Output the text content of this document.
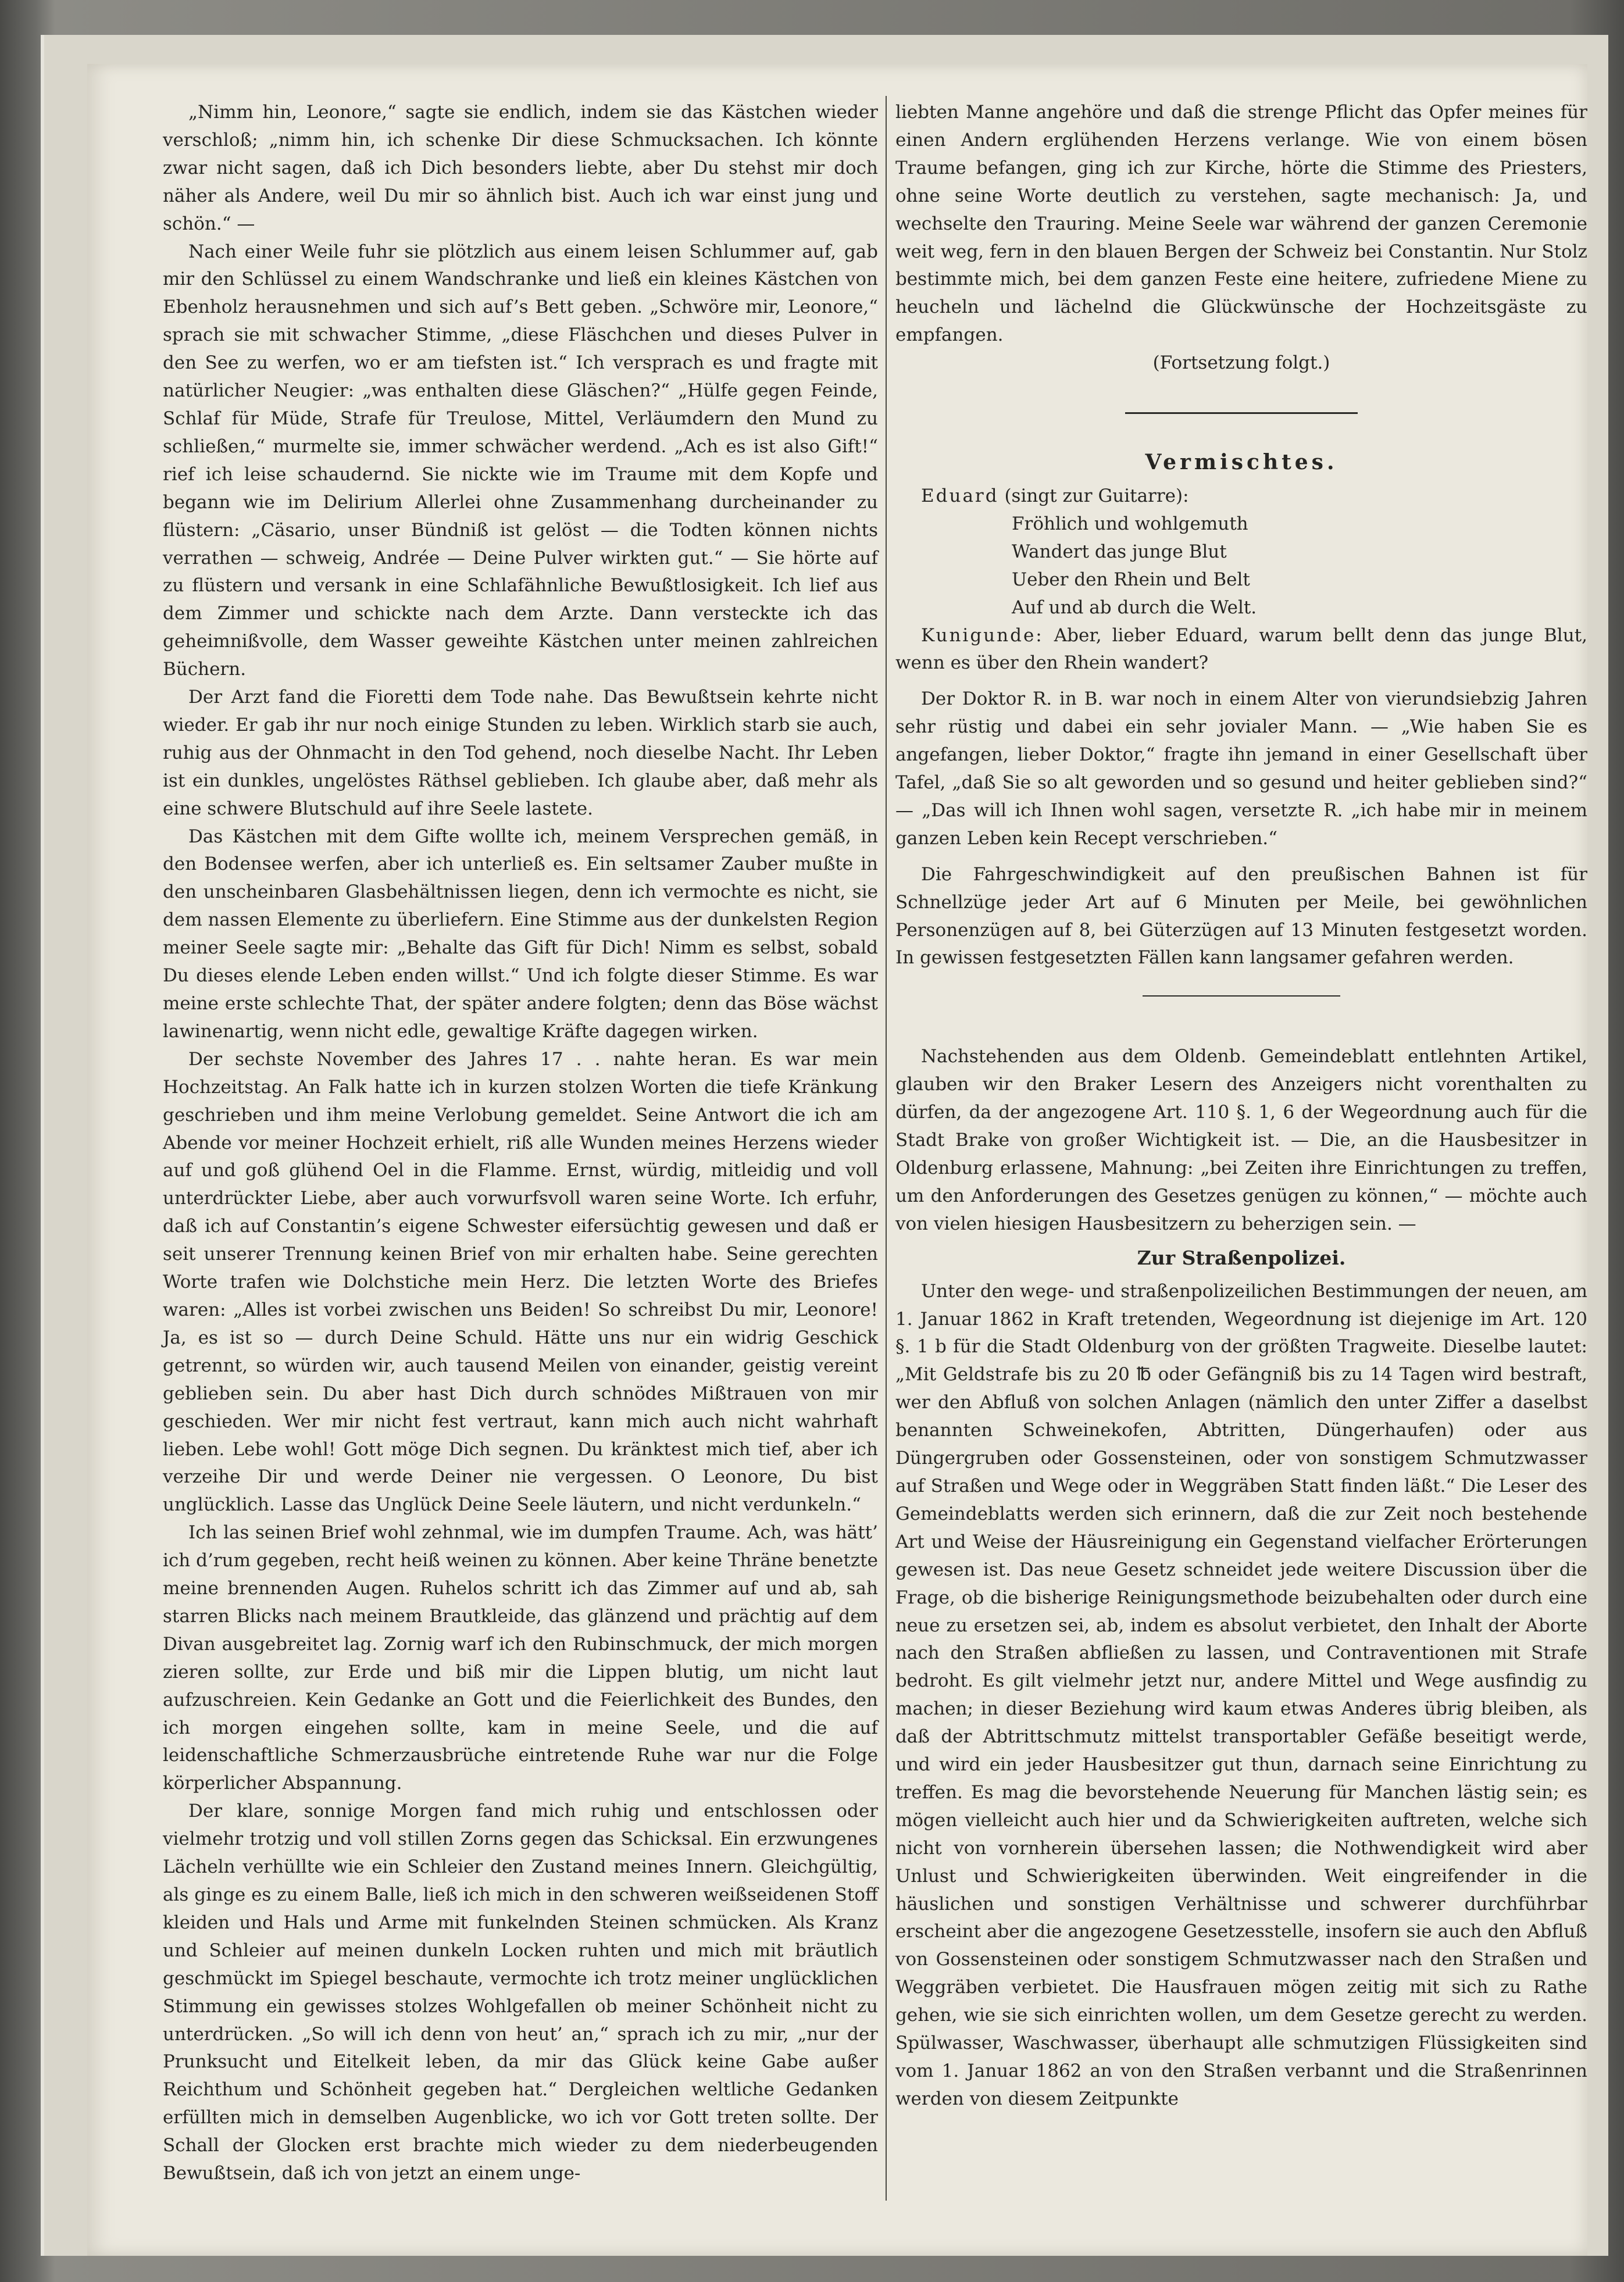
„Nimm hin, Leonore,“ sagte sie endlich, indem sie das Kästchen wieder verschloß; „nimm hin, ich schenke Dir diese Schmucksachen. Ich könnte zwar nicht sagen, daß ich Dich besonders liebte, aber Du stehst mir doch näher als Andere, weil Du mir so ähnlich bist. Auch ich war einst jung und schön.“ —

Nach einer Weile fuhr sie plötzlich aus einem leisen Schlummer auf, gab mir den Schlüssel zu einem Wandschranke und ließ ein kleines Kästchen von Ebenholz herausnehmen und sich auf’s Bett geben. „Schwöre mir, Leonore,“ sprach sie mit schwacher Stimme, „diese Fläschchen und dieses Pulver in den See zu werfen, wo er am tiefsten ist.“ Ich versprach es und fragte mit natürlicher Neugier: „was enthalten diese Gläschen?“ „Hülfe gegen Feinde, Schlaf für Müde, Strafe für Treulose, Mittel, Verläumdern den Mund zu schließen,“ murmelte sie, immer schwächer werdend. „Ach es ist also Gift!“ rief ich leise schaudernd. Sie nickte wie im Traume mit dem Kopfe und begann wie im Delirium Allerlei ohne Zusammenhang durcheinander zu flüstern: „Cäsario, unser Bündniß ist gelöst — die Todten können nichts verrathen — schweig, Andrée — Deine Pulver wirkten gut.“ — Sie hörte auf zu flüstern und versank in eine Schlafähnliche Bewußtlosigkeit. Ich lief aus dem Zimmer und schickte nach dem Arzte. Dann versteckte ich das geheimnißvolle, dem Wasser geweihte Kästchen unter meinen zahlreichen Büchern.

Der Arzt fand die Fioretti dem Tode nahe. Das Bewußtsein kehrte nicht wieder. Er gab ihr nur noch einige Stunden zu leben. Wirklich starb sie auch, ruhig aus der Ohnmacht in den Tod gehend, noch dieselbe Nacht. Ihr Leben ist ein dunkles, ungelöstes Räthsel geblieben. Ich glaube aber, daß mehr als eine schwere Blutschuld auf ihre Seele lastete.

Das Kästchen mit dem Gifte wollte ich, meinem Versprechen gemäß, in den Bodensee werfen, aber ich unterließ es. Ein seltsamer Zauber mußte in den unscheinbaren Glasbehältnissen liegen, denn ich vermochte es nicht, sie dem nassen Elemente zu überliefern. Eine Stimme aus der dunkelsten Region meiner Seele sagte mir: „Behalte das Gift für Dich! Nimm es selbst, sobald Du dieses elende Leben enden willst.“ Und ich folgte dieser Stimme. Es war meine erste schlechte That, der später andere folgten; denn das Böse wächst lawinenartig, wenn nicht edle, gewaltige Kräfte dagegen wirken.

Der sechste November des Jahres 17 . . nahte heran. Es war mein Hochzeitstag. An Falk hatte ich in kurzen stolzen Worten die tiefe Kränkung geschrieben und ihm meine Verlobung gemeldet. Seine Antwort die ich am Abende vor meiner Hochzeit erhielt, riß alle Wunden meines Herzens wieder auf und goß glühend Oel in die Flamme. Ernst, würdig, mitleidig und voll unterdrückter Liebe, aber auch vorwurfsvoll waren seine Worte. Ich erfuhr, daß ich auf Constantin’s eigene Schwester eifersüchtig gewesen und daß er seit unserer Trennung keinen Brief von mir erhalten habe. Seine gerechten Worte trafen wie Dolchstiche mein Herz. Die letzten Worte des Briefes waren: „Alles ist vorbei zwischen uns Beiden! So schreibst Du mir, Leonore! Ja, es ist so — durch Deine Schuld. Hätte uns nur ein widrig Geschick getrennt, so würden wir, auch tausend Meilen von einander, geistig vereint geblieben sein. Du aber hast Dich durch schnödes Mißtrauen von mir geschieden. Wer mir nicht fest vertraut, kann mich auch nicht wahrhaft lieben. Lebe wohl! Gott möge Dich segnen. Du kränktest mich tief, aber ich verzeihe Dir und werde Deiner nie vergessen. O Leonore, Du bist unglücklich. Lasse das Unglück Deine Seele läutern, und nicht verdunkeln.“

Ich las seinen Brief wohl zehnmal, wie im dumpfen Traume. Ach, was hätt’ ich d’rum gegeben, recht heiß weinen zu können. Aber keine Thräne benetzte meine brennenden Augen. Ruhelos schritt ich das Zimmer auf und ab, sah starren Blicks nach meinem Brautkleide, das glänzend und prächtig auf dem Divan ausgebreitet lag. Zornig warf ich den Rubinschmuck, der mich morgen zieren sollte, zur Erde und biß mir die Lippen blutig, um nicht laut aufzuschreien. Kein Gedanke an Gott und die Feierlichkeit des Bundes, den ich morgen eingehen sollte, kam in meine Seele, und die auf leidenschaftliche Schmerzausbrüche eintretende Ruhe war nur die Folge körperlicher Abspannung.

Der klare, sonnige Morgen fand mich ruhig und entschlossen oder vielmehr trotzig und voll stillen Zorns gegen das Schicksal. Ein erzwungenes Lächeln verhüllte wie ein Schleier den Zustand meines Innern. Gleichgültig, als ginge es zu einem Balle, ließ ich mich in den schweren weißseidenen Stoff kleiden und Hals und Arme mit funkelnden Steinen schmücken. Als Kranz und Schleier auf meinen dunkeln Locken ruhten und mich mit bräutlich geschmückt im Spiegel beschaute, vermochte ich trotz meiner unglücklichen Stimmung ein gewisses stolzes Wohlgefallen ob meiner Schönheit nicht zu unterdrücken. „So will ich denn von heut’ an,“ sprach ich zu mir, „nur der Prunksucht und Eitelkeit leben, da mir das Glück keine Gabe außer Reichthum und Schönheit gegeben hat.“ Dergleichen weltliche Gedanken erfüllten mich in demselben Augenblicke, wo ich vor Gott treten sollte. Der Schall der Glocken erst brachte mich wieder zu dem niederbeugenden Bewußtsein, daß ich von jetzt an einem unge-

liebten Manne angehöre und daß die strenge Pflicht das Opfer meines für einen Andern erglühenden Herzens verlange. Wie von einem bösen Traume befangen, ging ich zur Kirche, hörte die Stimme des Priesters, ohne seine Worte deutlich zu verstehen, sagte mechanisch: Ja, und wechselte den Trauring. Meine Seele war während der ganzen Ceremonie weit weg, fern in den blauen Bergen der Schweiz bei Constantin. Nur Stolz bestimmte mich, bei dem ganzen Feste eine heitere, zufriedene Miene zu heucheln und lächelnd die Glückwünsche der Hochzeitsgäste zu empfangen.

(Fortsetzung folgt.)

Vermischtes.

Eduard (singt zur Guitarre):

Fröhlich und wohlgemuth

Wandert das junge Blut

Ueber den Rhein und Belt

Auf und ab durch die Welt.

Kunigunde: Aber, lieber Eduard, warum bellt denn das junge Blut, wenn es über den Rhein wandert?

Der Doktor R. in B. war noch in einem Alter von vierundsiebzig Jahren sehr rüstig und dabei ein sehr jovialer Mann. — „Wie haben Sie es angefangen, lieber Doktor,“ fragte ihn jemand in einer Gesellschaft über Tafel, „daß Sie so alt geworden und so gesund und heiter geblieben sind?“ — „Das will ich Ihnen wohl sagen, versetzte R. „ich habe mir in meinem ganzen Leben kein Recept verschrieben.“

Die Fahrgeschwindigkeit auf den preußischen Bahnen ist für Schnellzüge jeder Art auf 6 Minuten per Meile, bei gewöhnlichen Personenzügen auf 8, bei Güterzügen auf 13 Minuten festgesetzt worden. In gewissen festgesetzten Fällen kann langsamer gefahren werden.

Nachstehenden aus dem Oldenb. Gemeindeblatt entlehnten Artikel, glauben wir den Braker Lesern des Anzeigers nicht vorenthalten zu dürfen, da der angezogene Art. 110 §. 1, 6 der Wegeordnung auch für die Stadt Brake von großer Wichtigkeit ist. — Die, an die Hausbesitzer in Oldenburg erlassene, Mahnung: „bei Zeiten ihre Einrichtungen zu treffen, um den Anforderungen des Gesetzes genügen zu können,“ — möchte auch von vielen hiesigen Hausbesitzern zu beherzigen sein. —

Zur Straßenpolizei.

Unter den wege- und straßenpolizeilichen Bestimmungen der neuen, am 1. Januar 1862 in Kraft tretenden, Wegeordnung ist diejenige im Art. 120 §. 1 b für die Stadt Oldenburg von der größten Tragweite. Dieselbe lautet: „Mit Geldstrafe bis zu 20 ℔ oder Gefängniß bis zu 14 Tagen wird bestraft, wer den Abfluß von solchen Anlagen (nämlich den unter Ziffer a daselbst benannten Schweinekofen, Abtritten, Düngerhaufen) oder aus Düngergruben oder Gossensteinen, oder von sonstigem Schmutzwasser auf Straßen und Wege oder in Weggräben Statt finden läßt.“ Die Leser des Gemeindeblatts werden sich erinnern, daß die zur Zeit noch bestehende Art und Weise der Häusreinigung ein Gegenstand vielfacher Erörterungen gewesen ist. Das neue Gesetz schneidet jede weitere Discussion über die Frage, ob die bisherige Reinigungsmethode beizubehalten oder durch eine neue zu ersetzen sei, ab, indem es absolut verbietet, den Inhalt der Aborte nach den Straßen abfließen zu lassen, und Contraventionen mit Strafe bedroht. Es gilt vielmehr jetzt nur, andere Mittel und Wege ausfindig zu machen; in dieser Beziehung wird kaum etwas Anderes übrig bleiben, als daß der Abtrittschmutz mittelst transportabler Gefäße beseitigt werde, und wird ein jeder Hausbesitzer gut thun, darnach seine Einrichtung zu treffen. Es mag die bevorstehende Neuerung für Manchen lästig sein; es mögen vielleicht auch hier und da Schwierigkeiten auftreten, welche sich nicht von vornherein übersehen lassen; die Nothwendigkeit wird aber Unlust und Schwierigkeiten überwinden. Weit eingreifender in die häuslichen und sonstigen Verhältnisse und schwerer durchführbar erscheint aber die angezogene Gesetzesstelle, insofern sie auch den Abfluß von Gossensteinen oder sonstigem Schmutzwasser nach den Straßen und Weggräben verbietet. Die Hausfrauen mögen zeitig mit sich zu Rathe gehen, wie sie sich einrichten wollen, um dem Gesetze gerecht zu werden. Spülwasser, Waschwasser, überhaupt alle schmutzigen Flüssigkeiten sind vom 1. Januar 1862 an von den Straßen verbannt und die Straßenrinnen werden von diesem Zeitpunkte
